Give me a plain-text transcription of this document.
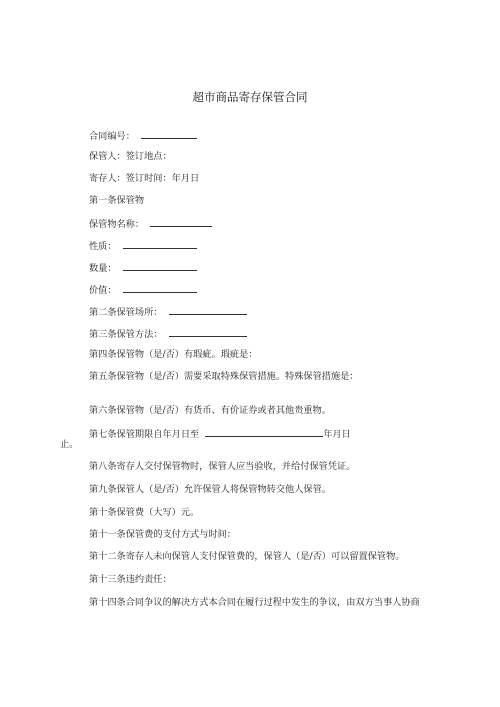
超市商品寄存保管合同
合同编号：
保管人：签订地点：
寄存人：签订时间：年月日
第一条保管物
保管物名称：
性质：
数量：
价值：
第二条保管场所：
第三条保管方法：
第四条保管物（是/否）有瑕疵。瑕疵是：
第五条保管物（是/否）需要采取特殊保管措施。特殊保管措施是：
第六条保管物（是/否）有货币、有价证券或者其他贵重物。
第七条保管期限自年月日至	年月日
止。
第八条寄存人交付保管物时，保管人应当验收，并给付保管凭证。
第九条保管人（是/否）允许保管人将保管物转交他人保管。
第十条保管费（大写）元。
第十一条保管费的支付方式与时间：
第十二条寄存人未向保管人支付保管费的，保管人（是/否）可以留置保管物。
第十三条违约责任：
第十四条合同争议的解决方式本合同在履行过程中发生的争议，由双方当事人协商
